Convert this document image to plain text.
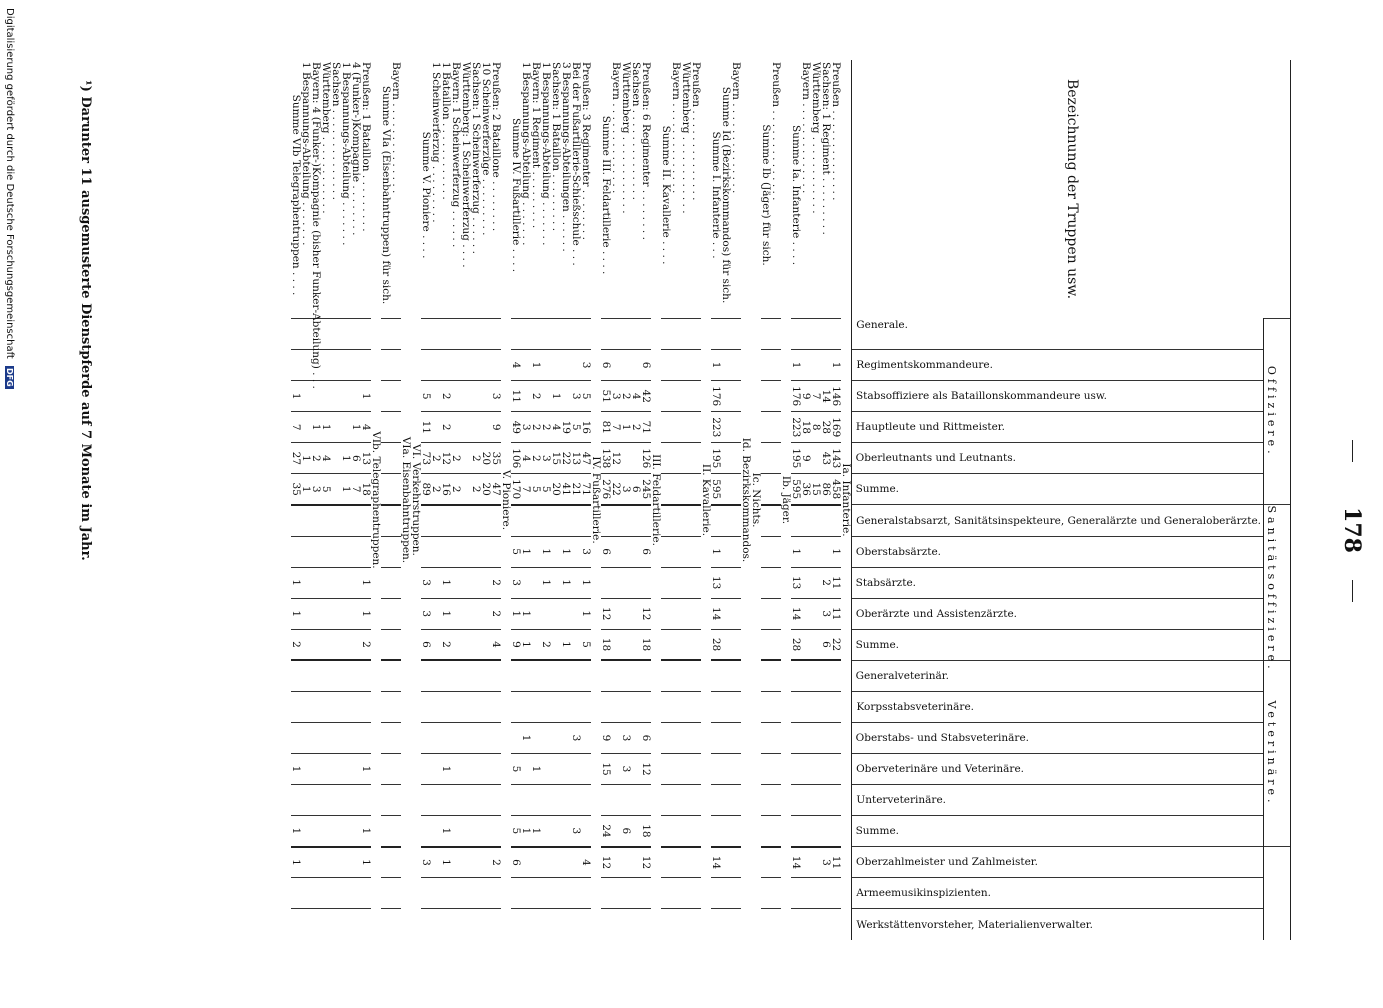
178
Bezeichnung der Truppen usw.	Offiziere.						Sanitätsoffiziere.					Veterinäre.								
	Generale.	Regimentskommandeure.	Stabsoffiziere als Bataillonskommandeure usw.	Hauptleute und Rittmeister.	Oberleutnants und Leutnants.	Summe.	Generalstabsarzt, Sanitätsinspekteure, Generalärzte und Generaloberärzte.	Oberstabsärzte.	Stabsärzte.	Oberärzte und Assistenzärzte.	Summe.	Generalveterinär.	Korpsstabsveterinäre.	Oberstabs- und Stabsveterinäre.	Oberveterinäre und Veterinäre.	Unterveterinäre.	Summe.	Oberzahlmeister und Zahlmeister.	Armeemusikinspizienten.	Werkstättenvorsteher, Materialienverwalter.
Ia. Infanterie.																				
Preußen . . . . . . . . . . . . . .		1	146	169	143	458		1	11	11	22							11		
Sachsen: 1 Regiment . . . . . . . . .			14	28	43	86			2	3	6							3		
Württemberg . . . . . . . . . . . .			7	8		15														
Bayern . . . . . . . . . . . . . .			9	18	9	36														
Summe Ia. Infanterie . . . .		1	176	223	195	595		1	13	14	28							14		
Ib. Jäger.																				
Preußen . . . . . . . . . . . . . .																				
Summe Ib (Jäger) für sich.																				
Ic. Nichts.																				
Id. Bezirkskommandos.																				
Bayern . . . . . . . . . . . . . .																				
Summe Id (Bezirkskommandos) für sich.																				
Summe I. Infanterie . . .		1	176	223	195	595		1	13	14	28							14		
II. Kavallerie.																				
Preußen . . . . . . . . . . . . . .																				
Württemberg . . . . . . . . . . . .																				
Bayern . . . . . . . . . . . . . .																				
Summe II. Kavallerie . . . .																				
III. Feldartillerie.																				
Preußen: 6 Regimenter . . . . . . . .		6	42	71	126	245		6		12	18			6	12		18	12		
Sachsen . . . . . . . . . . . . . .			4	2		6														
Württemberg . . . . . . . . . . . .			2	1		3								3	3		6			
Bayern . . . . . . . . . . . . . .			3	7	12	22														
Summe III. Feldartillerie . . . .		6	51	81	138	276		6		12	18			9	15		24	12		
IV. Fußartillerie.																				
Preußen: 3 Regimenter . . . . . . . .		3	5	16	47	71		3	1	1	5							4		
Bei der Fußartillerie-Schießschule . . .			3	5	13	21								3			3			
3 Bespannungs-Abteilungen . . . . . .				19	22	41		1	1		1									
Sachsen: 1 Bataillon . . . . . . . . .			1	4	15	20														
1 Bespannungs-Abteilung . . . . . . .				2	3	5		1	1		2									
Bayern: 1 Regiment . . . . . . . . .		1	2	2	2	5									1		1			
1 Bespannungs-Abteilung . . . . . . .				3	4	7		1		1	1			1			1			
Summe IV. Fußartillerie . . . .		4	11	49	106	170		5	3	1	9				5		5	6		
V. Pioniere.																				
Preußen: 2 Bataillone . . . . . . . .			3	9	35	47			2	2	4							2		
10 Scheinwerferzüge . . . . . . . . .					20	20														
Sachsen: 1 Scheinwerferzug . . . . . .					2	2														
Württemberg: 1 Scheinwerferzug . . . .																				
Bayern: 1 Scheinwerferzug . . . . . .					2	2														
1 Bataillon . . . . . . . . . . . .			2	2	12	16			1	1	2				1		1	1		
1 Scheinwerferzug . . . . . . . . .					2	2														
Summe V. Pioniere . . . .			5	11	73	89			3	3	6							3		
VI. Verkehrstruppen.																				
VIa. Eisenbahntruppen.																				
Bayern . . . . . . . . . . . . . .																				
Summe VIa (Eisenbahntruppen) für sich.																				
VIb. Telegraphentruppen.																				
Preußen: 1 Bataillon . . . . . . . . .			1	4	13	18			1	1	2				1		1	1		
4 (Funker-)Kompagnie . . . . . . . .				1	6	7														
1 Bespannungs-Abteilung . . . . . . .					1	1														
Sachsen . . . . . . . . . . . . . .																				
Württemberg . . . . . . . . . . . .				1	4	5														
Bayern: 4 (Funker-)Kompagnie (bisher Funker-Abteilung) . . .				1	2	3														
1 Bespannungs-Abteilung . . . . . . .					1	1														
Summe VIb Telegraphentruppen . . . .			1	7	27	35			1	1	2				1		1	1		
¹) Darunter 11 ausgemusterte Dienstpferde auf 7 Monate im Jahr.
Digitalisierung gefördert durch die Deutsche Forschungsgemeinschaft DFG
